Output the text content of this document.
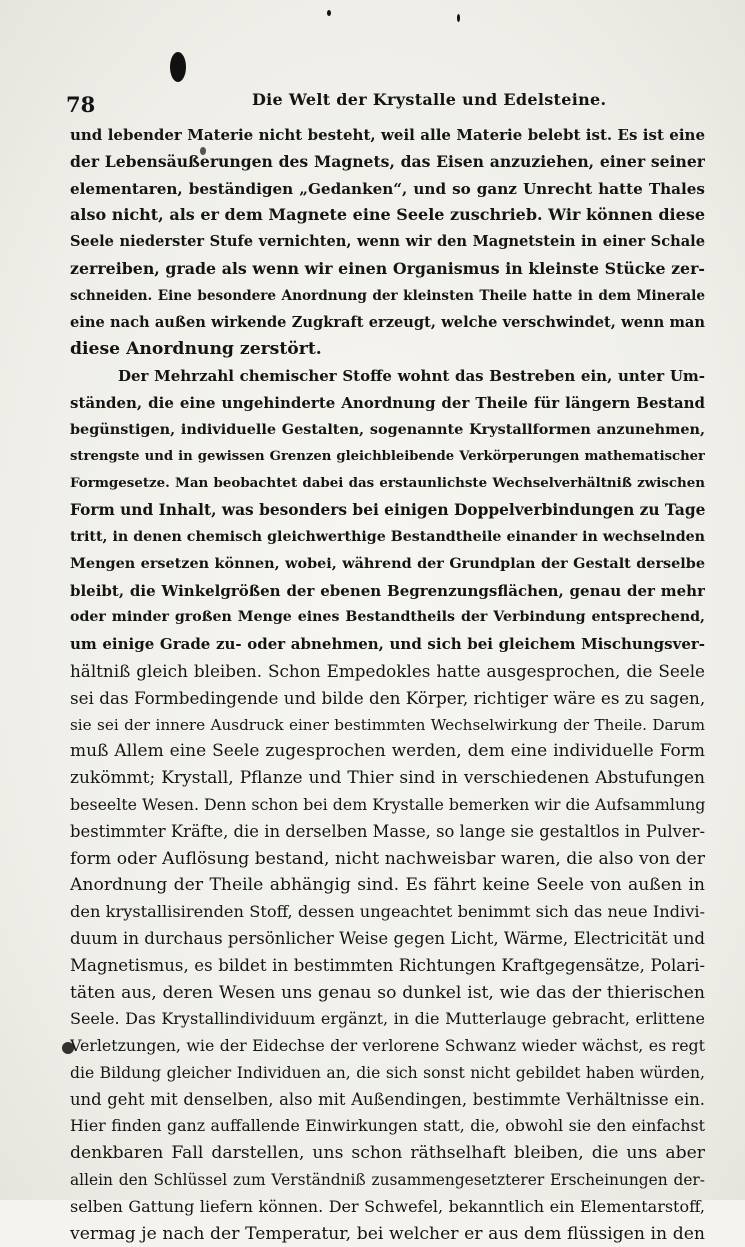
78	Die Welt der Krystalle und Edelsteine.
und lebender Materie nicht besteht, weil alle Materie belebt ist. Es ist eine
der Lebensäußerungen des Magnets, das Eisen anzuziehen, einer seiner
elementaren, beständigen „Gedanken“, und so ganz Unrecht hatte Thales
also nicht, als er dem Magnete eine Seele zuschrieb. Wir können diese
Seele niederster Stufe vernichten, wenn wir den Magnetstein in einer Schale
zerreiben, grade als wenn wir einen Organismus in kleinste Stücke zer-
schneiden. Eine besondere Anordnung der kleinsten Theile hatte in dem Minerale
eine nach außen wirkende Zugkraft erzeugt, welche verschwindet, wenn man
diese Anordnung zerstört.
Der Mehrzahl chemischer Stoffe wohnt das Bestreben ein, unter Um-
ständen, die eine ungehinderte Anordnung der Theile für längern Bestand
begünstigen, individuelle Gestalten, sogenannte Krystallformen anzunehmen,
strengste und in gewissen Grenzen gleichbleibende Verkörperungen mathematischer
Formgesetze. Man beobachtet dabei das erstaunlichste Wechselverhältniß zwischen
Form und Inhalt, was besonders bei einigen Doppelverbindungen zu Tage
tritt, in denen chemisch gleichwerthige Bestandtheile einander in wechselnden
Mengen ersetzen können, wobei, während der Grundplan der Gestalt derselbe
bleibt, die Winkelgrößen der ebenen Begrenzungsflächen, genau der mehr
oder minder großen Menge eines Bestandtheils der Verbindung entsprechend,
um einige Grade zu- oder abnehmen, und sich bei gleichem Mischungsver-
hältniß gleich bleiben. Schon Empedokles hatte ausgesprochen, die Seele
sei das Formbedingende und bilde den Körper, richtiger wäre es zu sagen,
sie sei der innere Ausdruck einer bestimmten Wechselwirkung der Theile. Darum
muß Allem eine Seele zugesprochen werden, dem eine individuelle Form
zukömmt; Krystall, Pflanze und Thier sind in verschiedenen Abstufungen
beseelte Wesen. Denn schon bei dem Krystalle bemerken wir die Aufsammlung
bestimmter Kräfte, die in derselben Masse, so lange sie gestaltlos in Pulver-
form oder Auflösung bestand, nicht nachweisbar waren, die also von der
Anordnung der Theile abhängig sind. Es fährt keine Seele von außen in
den krystallisirenden Stoff, dessen ungeachtet benimmt sich das neue Indivi-
duum in durchaus persönlicher Weise gegen Licht, Wärme, Electricität und
Magnetismus, es bildet in bestimmten Richtungen Kraftgegensätze, Polari-
täten aus, deren Wesen uns genau so dunkel ist, wie das der thierischen
Seele. Das Krystallindividuum ergänzt, in die Mutterlauge gebracht, erlittene
Verletzungen, wie der Eidechse der verlorene Schwanz wieder wächst, es regt
die Bildung gleicher Individuen an, die sich sonst nicht gebildet haben würden,
und geht mit denselben, also mit Außendingen, bestimmte Verhältnisse ein.
Hier finden ganz auffallende Einwirkungen statt, die, obwohl sie den einfachst
denkbaren Fall darstellen, uns schon räthselhaft bleiben, die uns aber
allein den Schlüssel zum Verständniß zusammengesetzterer Erscheinungen der-
selben Gattung liefern können. Der Schwefel, bekanntlich ein Elementarstoff,
vermag je nach der Temperatur, bei welcher er aus dem flüssigen in den
